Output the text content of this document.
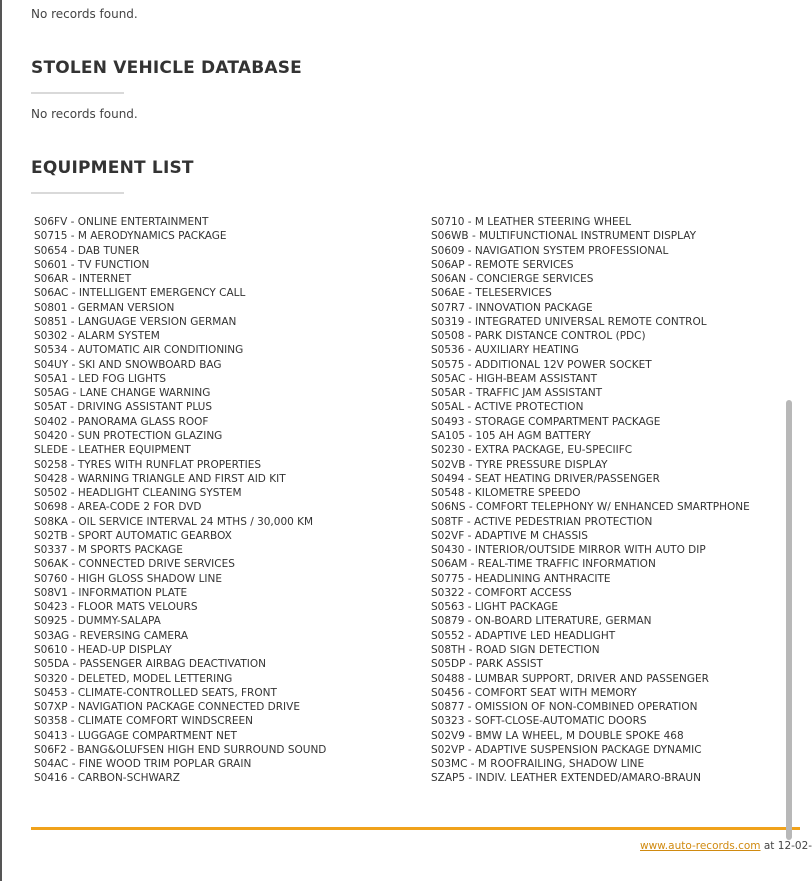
No records found.
STOLEN VEHICLE DATABASE
No records found.
EQUIPMENT LIST
S06FV - ONLINE ENTERTAINMENT
S0715 - M AERODYNAMICS PACKAGE
S0654 - DAB TUNER
S0601 - TV FUNCTION
S06AR - INTERNET
S06AC - INTELLIGENT EMERGENCY CALL
S0801 - GERMAN VERSION
S0851 - LANGUAGE VERSION GERMAN
S0302 - ALARM SYSTEM
S0534 - AUTOMATIC AIR CONDITIONING
S04UY - SKI AND SNOWBOARD BAG
S05A1 - LED FOG LIGHTS
S05AG - LANE CHANGE WARNING
S05AT - DRIVING ASSISTANT PLUS
S0402 - PANORAMA GLASS ROOF
S0420 - SUN PROTECTION GLAZING
SLEDE - LEATHER EQUIPMENT
S0258 - TYRES WITH RUNFLAT PROPERTIES
S0428 - WARNING TRIANGLE AND FIRST AID KIT
S0502 - HEADLIGHT CLEANING SYSTEM
S0698 - AREA-CODE 2 FOR DVD
S08KA - OIL SERVICE INTERVAL 24 MTHS / 30,000 KM
S02TB - SPORT AUTOMATIC GEARBOX
S0337 - M SPORTS PACKAGE
S06AK - CONNECTED DRIVE SERVICES
S0760 - HIGH GLOSS SHADOW LINE
S08V1 - INFORMATION PLATE
S0423 - FLOOR MATS VELOURS
S0925 - DUMMY-SALAPA
S03AG - REVERSING CAMERA
S0610 - HEAD-UP DISPLAY
S05DA - PASSENGER AIRBAG DEACTIVATION
S0320 - DELETED, MODEL LETTERING
S0453 - CLIMATE-CONTROLLED SEATS, FRONT
S07XP - NAVIGATION PACKAGE CONNECTED DRIVE
S0358 - CLIMATE COMFORT WINDSCREEN
S0413 - LUGGAGE COMPARTMENT NET
S06F2 - BANG&OLUFSEN HIGH END SURROUND SOUND
S04AC - FINE WOOD TRIM POPLAR GRAIN
S0416 - CARBON-SCHWARZ
S0710 - M LEATHER STEERING WHEEL
S06WB - MULTIFUNCTIONAL INSTRUMENT DISPLAY
S0609 - NAVIGATION SYSTEM PROFESSIONAL
S06AP - REMOTE SERVICES
S06AN - CONCIERGE SERVICES
S06AE - TELESERVICES
S07R7 - INNOVATION PACKAGE
S0319 - INTEGRATED UNIVERSAL REMOTE CONTROL
S0508 - PARK DISTANCE CONTROL (PDC)
S0536 - AUXILIARY HEATING
S0575 - ADDITIONAL 12V POWER SOCKET
S05AC - HIGH-BEAM ASSISTANT
S05AR - TRAFFIC JAM ASSISTANT
S05AL - ACTIVE PROTECTION
S0493 - STORAGE COMPARTMENT PACKAGE
SA105 - 105 AH AGM BATTERY
S0230 - EXTRA PACKAGE, EU-SPECIIFC
S02VB - TYRE PRESSURE DISPLAY
S0494 - SEAT HEATING DRIVER/PASSENGER
S0548 - KILOMETRE SPEEDO
S06NS - COMFORT TELEPHONY W/ ENHANCED SMARTPHONE
S08TF - ACTIVE PEDESTRIAN PROTECTION
S02VF - ADAPTIVE M CHASSIS
S0430 - INTERIOR/OUTSIDE MIRROR WITH AUTO DIP
S06AM - REAL-TIME TRAFFIC INFORMATION
S0775 - HEADLINING ANTHRACITE
S0322 - COMFORT ACCESS
S0563 - LIGHT PACKAGE
S0879 - ON-BOARD LITERATURE, GERMAN
S0552 - ADAPTIVE LED HEADLIGHT
S08TH - ROAD SIGN DETECTION
S05DP - PARK ASSIST
S0488 - LUMBAR SUPPORT, DRIVER AND PASSENGER
S0456 - COMFORT SEAT WITH MEMORY
S0877 - OMISSION OF NON-COMBINED OPERATION
S0323 - SOFT-CLOSE-AUTOMATIC DOORS
S02V9 - BMW LA WHEEL, M DOUBLE SPOKE 468
S02VP - ADAPTIVE SUSPENSION PACKAGE DYNAMIC
S03MC - M ROOFRAILING, SHADOW LINE
SZAP5 - INDIV. LEATHER EXTENDED/AMARO-BRAUN
www.auto-records.com at 12-02-
